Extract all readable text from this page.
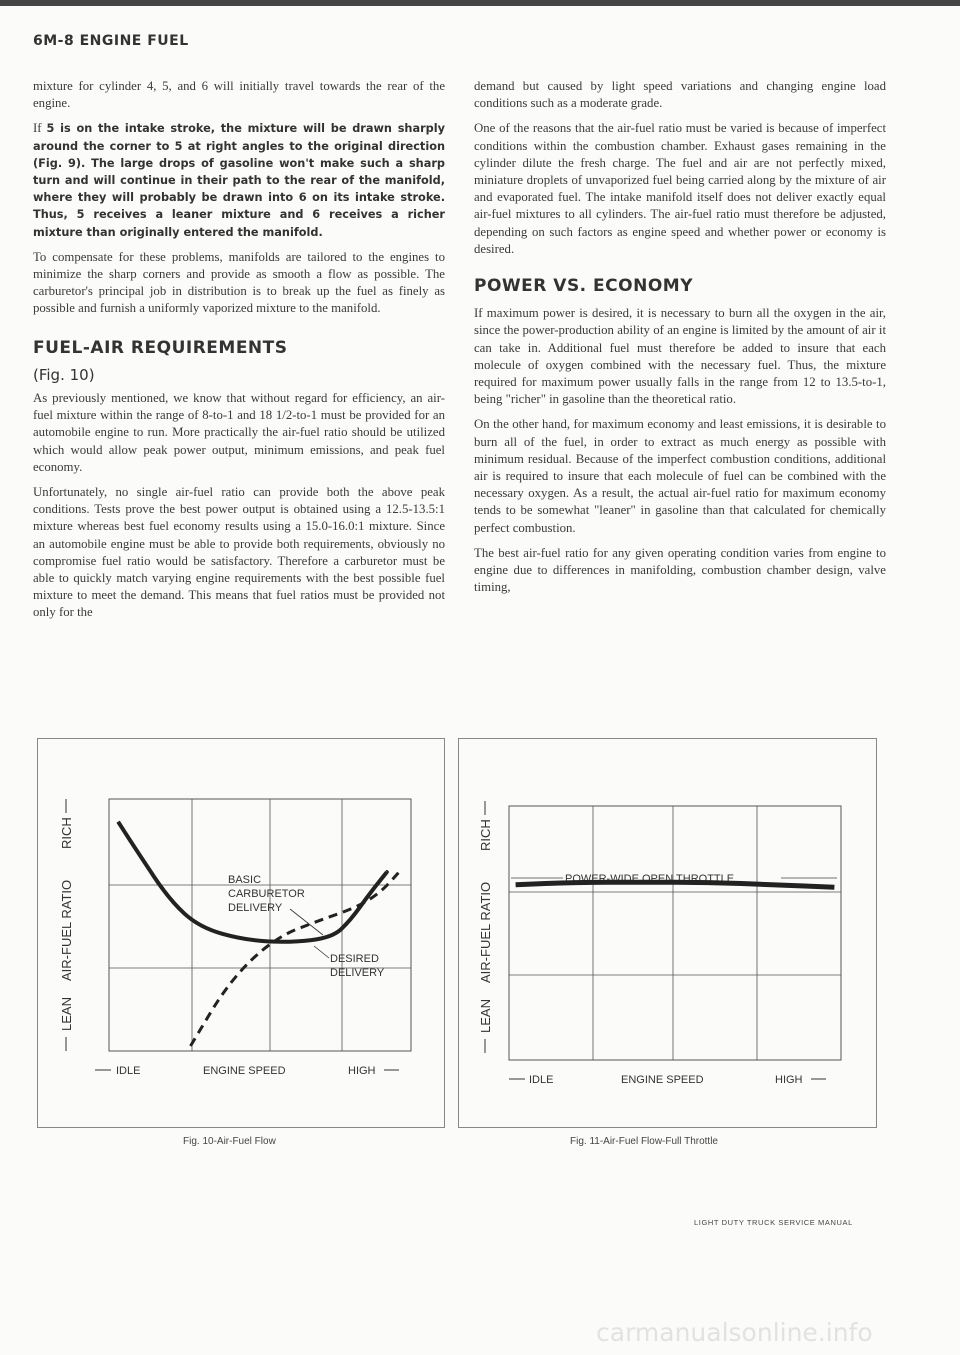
6M-8 ENGINE FUEL

mixture for cylinder 4, 5, and 6 will initially travel towards the rear of the engine.

If 5 is on the intake stroke, the mixture will be drawn sharply around the corner to 5 at right angles to the original direction (Fig. 9). The large drops of gasoline won't make such a sharp turn and will continue in their path to the rear of the manifold, where they will probably be drawn into 6 on its intake stroke. Thus, 5 receives a leaner mixture and 6 receives a richer mixture than originally entered the manifold.

To compensate for these problems, manifolds are tailored to the engines to minimize the sharp corners and provide as smooth a flow as possible. The carburetor's principal job in distribution is to break up the fuel as finely as possible and furnish a uniformly vaporized mixture to the manifold.

FUEL-AIR REQUIREMENTS
(Fig. 10)

As previously mentioned, we know that without regard for efficiency, an air-fuel mixture within the range of 8-to-1 and 18 1/2-to-1 must be provided for an automobile engine to run. More practically the air-fuel ratio should be utilized which would allow peak power output, minimum emissions, and peak fuel economy.

Unfortunately, no single air-fuel ratio can provide both the above peak conditions. Tests prove the best power output is obtained using a 12.5-13.5:1 mixture whereas best fuel economy results using a 15.0-16.0:1 mixture. Since an automobile engine must be able to provide both requirements, obviously no compromise fuel ratio would be satisfactory. Therefore a carburetor must be able to quickly match varying engine requirements with the best possible fuel mixture to meet the demand. This means that fuel ratios must be provided not only for the

demand but caused by light speed variations and changing engine load conditions such as a moderate grade.

One of the reasons that the air-fuel ratio must be varied is because of imperfect conditions within the combustion chamber. Exhaust gases remaining in the cylinder dilute the fresh charge. The fuel and air are not perfectly mixed, miniature droplets of unvaporized fuel being carried along by the mixture of air and evaporated fuel. The intake manifold itself does not deliver exactly equal air-fuel mixtures to all cylinders. The air-fuel ratio must therefore be adjusted, depending on such factors as engine speed and whether power or economy is desired.

POWER VS. ECONOMY

If maximum power is desired, it is necessary to burn all the oxygen in the air, since the power-production ability of an engine is limited by the amount of air it can take in. Additional fuel must therefore be added to insure that each molecule of oxygen combined with the necessary fuel. Thus, the mixture required for maximum power usually falls in the range from 12 to 13.5-to-1, being "richer" in gasoline than the theoretical ratio.

On the other hand, for maximum economy and least emissions, it is desirable to burn all of the fuel, in order to extract as much energy as possible with minimum residual. Because of the imperfect combustion conditions, additional air is required to insure that each molecule of fuel can be combined with the necessary oxygen. As a result, the actual air-fuel ratio for maximum economy tends to be somewhat "leaner" in gasoline than that calculated for chemically perfect combustion.

The best air-fuel ratio for any given operating condition varies from engine to engine due to differences in manifolding, combustion chamber design, valve timing,

LEAN
AIR-FUEL RATIO
RICH
IDLE	ENGINE SPEED	HIGH
BASIC
CARBURETOR
DELIVERY
DESIRED
DELIVERY
Fig. 10-Air-Fuel Flow
LEAN
AIR-FUEL RATIO
RICH
IDLE	ENGINE SPEED	HIGH
POWER-WIDE OPEN THROTTLE
Fig. 11-Air-Fuel Flow-Full Throttle
LIGHT DUTY TRUCK SERVICE MANUAL
carmanualsonline.info
